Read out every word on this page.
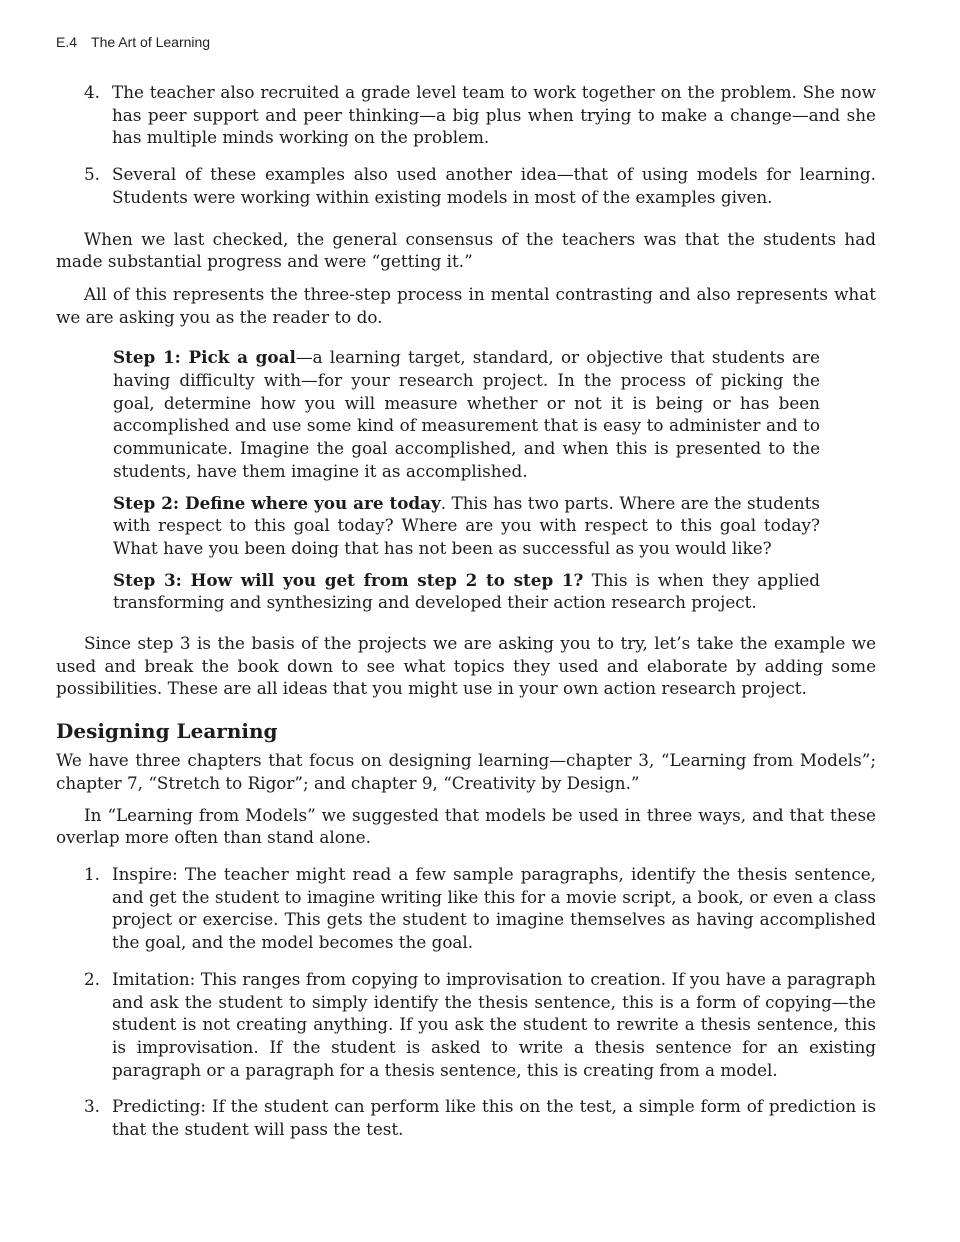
E.4 The Art of Learning
4. The teacher also recruited a grade level team to work together on the problem. She now has peer support and peer thinking—a big plus when trying to make a change—and she has multiple minds working on the problem.
5. Several of these examples also used another idea—that of using models for learning. Students were working within existing models in most of the examples given.

When we last checked, the general consensus of the teachers was that the students had made substantial progress and were “getting it.”

All of this represents the three-step process in mental contrasting and also represents what we are asking you as the reader to do.

Step 1: Pick a goal—a learning target, standard, or objective that students are having difficulty with—for your research project. In the process of picking the goal, determine how you will measure whether or not it is being or has been accomplished and use some kind of measurement that is easy to administer and to communicate. Imagine the goal accomplished, and when this is presented to the students, have them imagine it as accomplished.
Step 2: Define where you are today. This has two parts. Where are the students with respect to this goal today? Where are you with respect to this goal today? What have you been doing that has not been as successful as you would like?
Step 3: How will you get from step 2 to step 1? This is when they applied transforming and synthesizing and developed their action research project.

Since step 3 is the basis of the projects we are asking you to try, let’s take the example we used and break the book down to see what topics they used and elaborate by adding some possibilities. These are all ideas that you might use in your own action research project.

Designing Learning

We have three chapters that focus on designing learning—chapter 3, “Learning from Models”; chapter 7, “Stretch to Rigor”; and chapter 9, “Creativity by Design.”

In “Learning from Models” we suggested that models be used in three ways, and that these overlap more often than stand alone.

1. Inspire: The teacher might read a few sample paragraphs, identify the thesis sentence, and get the student to imagine writing like this for a movie script, a book, or even a class project or exercise. This gets the student to imagine themselves as having accomplished the goal, and the model becomes the goal.
2. Imitation: This ranges from copying to improvisation to creation. If you have a paragraph and ask the student to simply identify the thesis sentence, this is a form of copying—the student is not creating anything. If you ask the student to rewrite a thesis sentence, this is improvisation. If the student is asked to write a thesis sentence for an existing paragraph or a paragraph for a thesis sentence, this is creating from a model.
3. Predicting: If the student can perform like this on the test, a simple form of prediction is that the student will pass the test.
